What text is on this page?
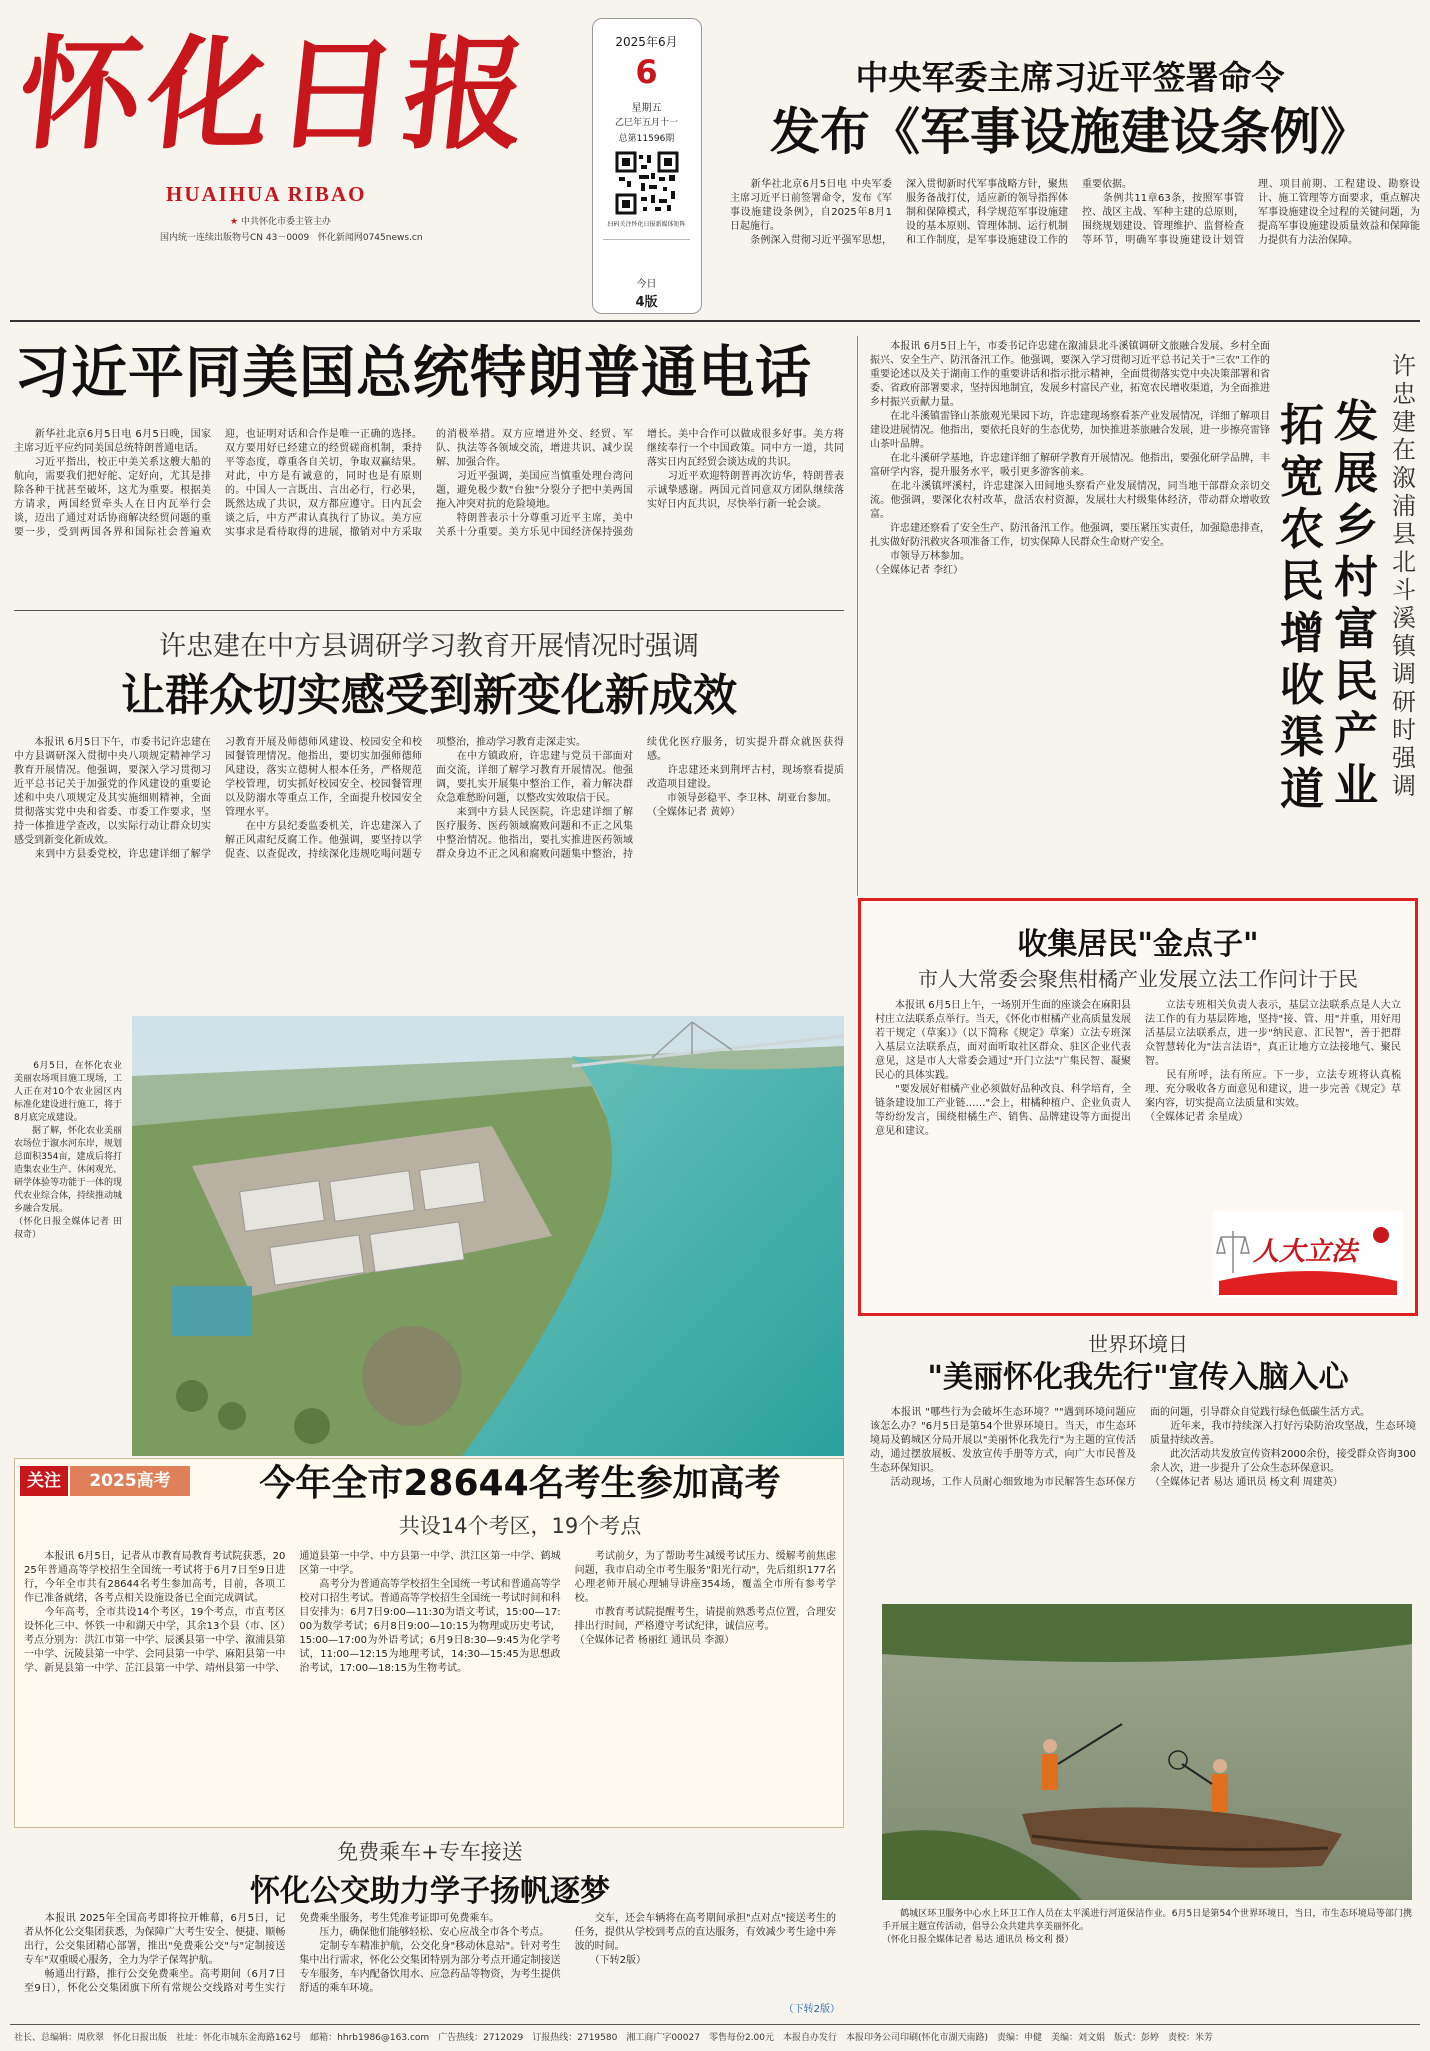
怀化日报
HUAIHUA RIBAO
★ 中共怀化市委主管主办
国内统一连续出版物号CN 43－0009 怀化新闻网0745news.cn
2025年6月
6
星期五
乙巳年五月十一
总第11596期
扫码关注怀化日报新媒体矩阵
今日
4版
中央军委主席习近平签署命令
发布《军事设施建设条例》
　　新华社北京6月5日电 中央军委主席习近平日前签署命令，发布《军事设施建设条例》，自2025年8月1日起施行。
　　条例深入贯彻习近平强军思想，深入贯彻新时代军事战略方针，聚焦服务备战打仗，适应新的领导指挥体制和保障模式，科学规范军事设施建设的基本原则、管理体制、运行机制和工作制度，是军事设施建设工作的重要依据。
　　条例共11章63条，按照军事管控、战区主战、军种主建的总原则，围绕规划建设、管理维护、监督检查等环节，明确军事设施建设计划管理、项目前期、工程建设、勘察设计、施工管理等方面要求，重点解决军事设施建设全过程的关键问题，为提高军事设施建设质量效益和保障能力提供有力法治保障。
习近平同美国总统特朗普通电话
　　新华社北京6月5日电 6月5日晚，国家主席习近平应约同美国总统特朗普通电话。
　　习近平指出，校正中美关系这艘大船的航向，需要我们把好舵、定好向，尤其是排除各种干扰甚至破坏，这尤为重要。根据美方请求，两国经贸牵头人在日内瓦举行会谈，迈出了通过对话协商解决经贸问题的重要一步，受到两国各界和国际社会普遍欢迎，也证明对话和合作是唯一正确的选择。双方要用好已经建立的经贸磋商机制，秉持平等态度，尊重各自关切，争取双赢结果。对此，中方是有诚意的，同时也是有原则的。中国人一言既出、言出必行，行必果，既然达成了共识，双方都应遵守。日内瓦会谈之后，中方严肃认真执行了协议。美方应实事求是看待取得的进展，撤销对中方采取的消极举措。双方应增进外交、经贸、军队、执法等各领域交流，增进共识、减少误解、加强合作。
　　习近平强调，美国应当慎重处理台湾问题，避免极少数"台独"分裂分子把中美两国拖入冲突对抗的危险境地。
　　特朗普表示十分尊重习近平主席，美中关系十分重要。美方乐见中国经济保持强劲增长。美中合作可以做成很多好事。美方将继续奉行一个中国政策。同中方一道，共同落实日内瓦经贸会谈达成的共识。
　　习近平欢迎特朗普再次访华，特朗普表示诚挚感谢。两国元首同意双方团队继续落实好日内瓦共识，尽快举行新一轮会谈。
许忠建在中方县调研学习教育开展情况时强调
让群众切实感受到新变化新成效
　　本报讯 6月5日下午，市委书记许忠建在中方县调研深入贯彻中央八项规定精神学习教育开展情况。他强调，要深入学习贯彻习近平总书记关于加强党的作风建设的重要论述和中央八项规定及其实施细则精神，全面贯彻落实党中央和省委、市委工作要求，坚持一体推进学查改，以实际行动让群众切实感受到新变化新成效。
　　来到中方县委党校，许忠建详细了解学习教育开展及师德师风建设、校园安全和校园餐管理情况。他指出，要切实加强师德师风建设，落实立德树人根本任务，严格规范学校管理，切实抓好校园安全、校园餐管理以及防溺水等重点工作，全面提升校园安全管理水平。
　　在中方县纪委监委机关，许忠建深入了解正风肃纪反腐工作。他强调，要坚持以学促查、以查促改，持续深化违规吃喝问题专项整治，推动学习教育走深走实。
　　在中方镇政府，许忠建与党员干部面对面交流，详细了解学习教育开展情况。他强调，要扎实开展集中整治工作，着力解决群众急难愁盼问题，以整改实效取信于民。
　　来到中方县人民医院，许忠建详细了解医疗服务、医药领域腐败问题和不正之风集中整治情况。他指出，要扎实推进医药领域群众身边不正之风和腐败问题集中整治，持续优化医疗服务，切实提升群众就医获得感。
　　许忠建还来到荆坪古村，现场察看提质改造项目建设。
　　市领导彭稳平、李卫林、胡亚台参加。
（全媒体记者 黄婷）
　　本报讯 6月5日上午，市委书记许忠建在溆浦县北斗溪镇调研文旅融合发展、乡村全面振兴、安全生产、防汛备汛工作。他强调，要深入学习贯彻习近平总书记关于"三农"工作的重要论述以及关于湖南工作的重要讲话和指示批示精神，全面贯彻落实党中央决策部署和省委、省政府部署要求，坚持因地制宜，发展乡村富民产业，拓宽农民增收渠道，为全面推进乡村振兴贡献力量。
　　在北斗溪镇雷锋山茶旅观光果园下坊，许忠建现场察看茶产业发展情况，详细了解项目建设进展情况。他指出，要依托良好的生态优势，加快推进茶旅融合发展，进一步擦亮雷锋山茶叶品牌。
　　在北斗溪研学基地，许忠建详细了解研学教育开展情况。他指出，要强化研学品牌，丰富研学内容，提升服务水平，吸引更多游客前来。
　　在北斗溪镇坪溪村，许忠建深入田间地头察看产业发展情况，同当地干部群众亲切交流。他强调，要深化农村改革，盘活农村资源，发展壮大村级集体经济，带动群众增收致富。
　　许忠建还察看了安全生产、防汛备汛工作。他强调，要压紧压实责任，加强隐患排查，扎实做好防汛救灾各项准备工作，切实保障人民群众生命财产安全。
　　市领导万林参加。
（全媒体记者 李红）
拓宽农民增收渠道
发展乡村富民产业
许忠建在溆浦县北斗溪镇调研时强调
　　6月5日，在怀化农业美丽农场项目施工现场，工人正在对10个农业园区内标准化建设进行施工，将于8月底完成建设。
　　据了解，怀化农业美丽农场位于溆水河东岸，规划总面积354亩，建成后将打造集农业生产、休闲观光、研学体验等功能于一体的现代农业综合体，持续推动城乡融合发展。
（怀化日报全媒体记者 田叔奇）
收集居民"金点子"
市人大常委会聚焦柑橘产业发展立法工作问计于民
　　本报讯 6月5日上午，一场别开生面的座谈会在麻阳县村庄立法联系点举行。当天，《怀化市柑橘产业高质量发展若干规定（草案）》（以下简称《规定》草案）立法专班深入基层立法联系点，面对面听取社区群众、驻区企业代表意见，这是市人大常委会通过"开门立法"广集民智、凝聚民心的具体实践。
　　"要发展好柑橘产业必须做好品种改良、科学培育，全链条建设加工产业链……"会上，柑橘种植户、企业负责人等纷纷发言，围绕柑橘生产、销售、品牌建设等方面提出意见和建议。
　　立法专班相关负责人表示，基层立法联系点是人大立法工作的有力基层阵地，坚持"接、管、用"并重，用好用活基层立法联系点，进一步"纳民意、汇民智"，善于把群众智慧转化为"法言法语"，真正让地方立法接地气、聚民智。
　　民有所呼，法有所应。下一步，立法专班将认真梳理、充分吸收各方面意见和建议，进一步完善《规定》草案内容，切实提高立法质量和实效。
（全媒体记者 余星成）
人大立法
世界环境日
"美丽怀化我先行"宣传入脑入心
　　本报讯 "哪些行为会破坏生态环境？""遇到环境问题应该怎么办？"6月5日是第54个世界环境日。当天，市生态环境局及鹤城区分局开展以"美丽怀化我先行"为主题的宣传活动，通过摆放展板、发放宣传手册等方式，向广大市民普及生态环保知识。
　　活动现场，工作人员耐心细致地为市民解答生态环保方面的问题，引导群众自觉践行绿色低碳生活方式。
　　近年来，我市持续深入打好污染防治攻坚战，生态环境质量持续改善。
　　此次活动共发放宣传资料2000余份，接受群众咨询300余人次，进一步提升了公众生态环保意识。
（全媒体记者 易达 通讯员 杨文利 周建英）
　　鹤城区环卫服务中心水上环卫工作人员在太平溪进行河道保洁作业。6月5日是第54个世界环境日，当日，市生态环境局等部门携手开展主题宣传活动，倡导公众共建共享美丽怀化。
（怀化日报全媒体记者 易达 通讯员 杨文利 摄）
关注	2025高考	今年全市28644名考生参加高考
共设14个考区，19个考点
　　本报讯 6月5日，记者从市教育局教育考试院获悉，2025年普通高等学校招生全国统一考试将于6月7日至9日进行，今年全市共有28644名考生参加高考，目前，各项工作已准备就绪，各考点相关设施设备已全面完成调试。
　　今年高考，全市共设14个考区，19个考点，市直考区设怀化三中、怀铁一中和湖天中学，其余13个县（市、区）考点分别为：洪江市第一中学、辰溪县第一中学、溆浦县第一中学、沅陵县第一中学、会同县第一中学、麻阳县第一中学、新晃县第一中学、芷江县第一中学、靖州县第一中学、通道县第一中学、中方县第一中学、洪江区第一中学、鹤城区第一中学。
　　高考分为普通高等学校招生全国统一考试和普通高等学校对口招生考试。普通高等学校招生全国统一考试时间和科目安排为：6月7日9:00—11:30为语文考试，15:00—17:00为数学考试；6月8日9:00—10:15为物理或历史考试，15:00—17:00为外语考试；6月9日8:30—9:45为化学考试，11:00—12:15为地理考试，14:30—15:45为思想政治考试，17:00—18:15为生物考试。
　　考试前夕，为了帮助考生减缓考试压力、缓解考前焦虑问题，我市启动全市考生服务"阳光行动"，先后组织177名心理老师开展心理辅导讲座354场，覆盖全市所有参考学校。
　　市教育考试院提醒考生，请提前熟悉考点位置，合理安排出行时间，严格遵守考试纪律，诚信应考。
（全媒体记者 杨丽红 通讯员 李源）
免费乘车+专车接送
怀化公交助力学子扬帆逐梦
　　本报讯 2025年全国高考即将拉开帷幕，6月5日，记者从怀化公交集团获悉，为保障广大考生安全、便捷、顺畅出行，公交集团精心部署，推出"免费乘公交"与"定制接送专车"双重暖心服务，全力为学子保驾护航。
　　畅通出行路，推行公交免费乘坐。高考期间（6月7日至9日），怀化公交集团旗下所有常规公交线路对考生实行免费乘坐服务，考生凭准考证即可免费乘车。
　　压力，确保他们能够轻松、安心应战全市各个考点。
　　定制专车精准护航，公交化身"移动休息站"。针对考生集中出行需求，怀化公交集团特别为部分考点开通定制接送专车服务，车内配备饮用水、应急药品等物资，为考生提供舒适的乘车环境。
　　交车，还会车辆将在高考期间承担"点对点"接送考生的任务，提供从学校到考点的直达服务，有效减少考生途中奔波的时间。
　　（下转2版）
（下转2版）
社长、总编辑：周欣翠　怀化日报出版　社址：怀化市城东金海路162号　邮箱：hhrb1986@163.com　广告热线：2712029　订报热线：2719580　湘工商广字00027　零售每份2.00元　本报自办发行　本报印务公司印刷(怀化市湖天南路)　责编：申健　美编：刘文娟　版式：彭婷　责校：米芳
